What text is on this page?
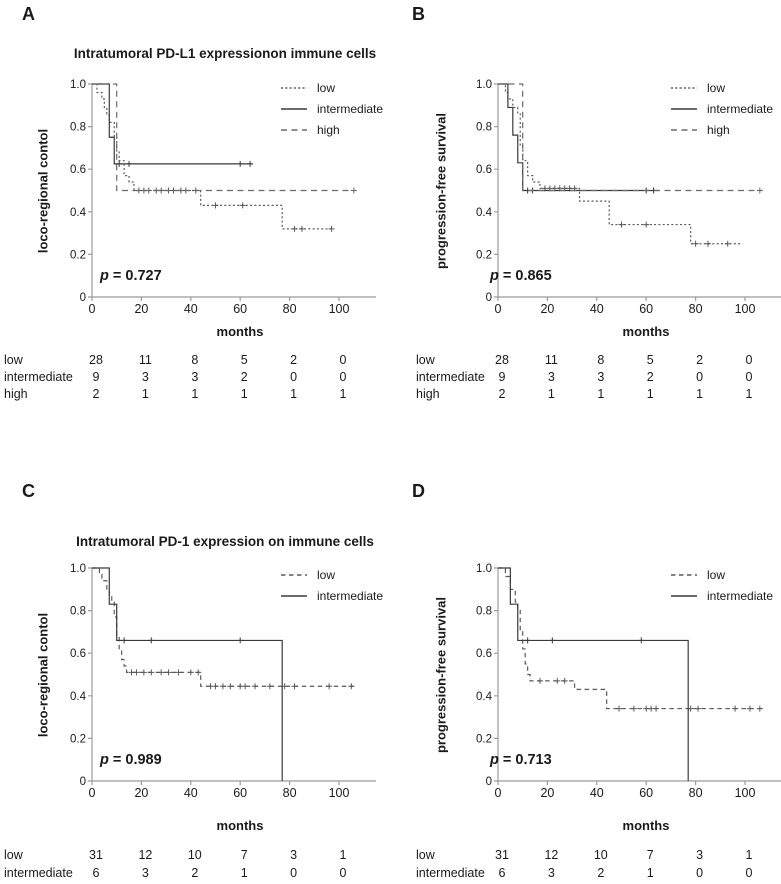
A
Intratumoral PD-L1 expressionon immune cells
loco-regional contol
1.0
0.8
0.6
0.4
0.2
0
0	20	40	60	80	100
low
intermediate
high
p = 0.727
months
low	28	11	8	5	2	0
intermediate	9	3	3	2	0	0
high	2	1	1	1	1	1
B
progression-free survival
1.0
0.8
0.6
0.4
0.2
0
0	20	40	60	80	100
low
intermediate
high
p = 0.865
months
low	28	11	8	5	2	0
intermediate	9	3	3	2	0	0
high	2	1	1	1	1	1
C
Intratumoral PD-1 expression on immune cells
loco-regional contol
1.0
0.8
0.6
0.4
0.2
0
0	20	40	60	80	100
low
intermediate
p = 0.989
months
low	31	12	10	7	3	1
intermediate	6	3	2	1	0	0
D
progression-free survival
1.0
0.8
0.6
0.4
0.2
0
0	20	40	60	80	100
low
intermediate
p = 0.713
months
low	31	12	10	7	3	1
intermediate	6	3	2	1	0	0
